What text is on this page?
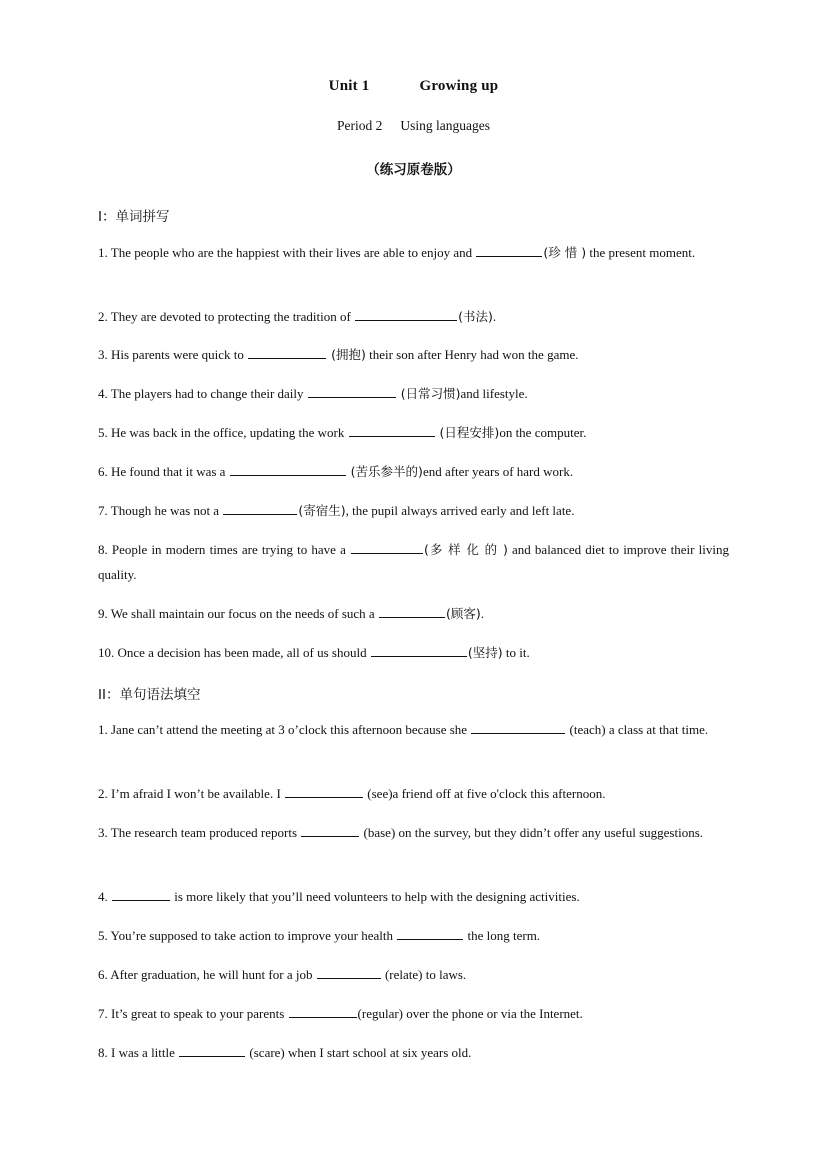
Unit 1	Growing up
Period 2 Using languages
（练习原卷版）
I：单词拼写
1. The people who are the happiest with their lives are able to enjoy and	(珍 惜 ) the present moment.
2. They are devoted to protecting the tradition of	(书法).
3. His parents were quick to	(拥抱) their son after Henry had won the game.
4. The players had to change their daily	(日常习惯)and lifestyle.
5. He was back in the office, updating the work	(日程安排)on the computer.
6. He found that it was a	(苦乐参半的)end after years of hard work.
7. Though he was not a	(寄宿生), the pupil always arrived early and left late.
8. People in modern times are trying to have a	(多 样 化 的 ) and balanced diet to improve their living quality.
9. We shall maintain our focus on the needs of such a	(顾客).
10. Once a decision has been made, all of us should	(坚持) to it.
II：单句语法填空
1. Jane can’t attend the meeting at 3 o’clock this afternoon because she	(teach) a class at that time.
2. I’m afraid I won’t be available. I	(see)a friend off at five o'clock this afternoon.
3. The research team produced reports	(base) on the survey, but they didn’t offer any useful suggestions.
4.	is more likely that you’ll need volunteers to help with the designing activities.
5. You’re supposed to take action to improve your health	the long term.
6. After graduation, he will hunt for a job	(relate) to laws.
7. It’s great to speak to your parents	(regular) over the phone or via the Internet.
8. I was a little	(scare) when I start school at six years old.
